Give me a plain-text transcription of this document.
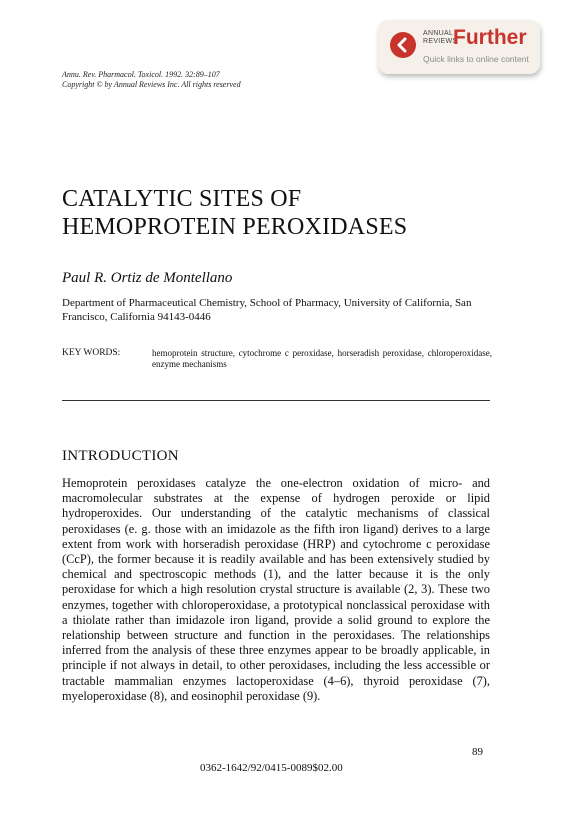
ANNUAL
REVIEWS
Further
Quick links to online content
Annu. Rev. Pharmacol. Toxicol. 1992. 32:89–107
Copyright © by Annual Reviews Inc. All rights reserved
CATALYTIC SITES OF
HEMOPROTEIN PEROXIDASES
Paul R. Ortiz de Montellano
Department of Pharmaceutical Chemistry, School of Pharmacy, University of California, San Francisco, California 94143-0446
KEY WORDS:	hemoprotein structure, cytochrome c peroxidase, horseradish peroxidase, chloroperoxidase, enzyme mechanisms
INTRODUCTION
Hemoprotein peroxidases catalyze the one-electron oxidation of micro- and macromolecular substrates at the expense of hydrogen peroxide or lipid hydroperoxides. Our understanding of the catalytic mechanisms of classical peroxidases (e. g. those with an imidazole as the fifth iron ligand) derives to a large extent from work with horseradish peroxidase (HRP) and cytochrome c peroxidase (CcP), the former because it is readily available and has been extensively studied by chemical and spectroscopic methods (1), and the latter because it is the only peroxidase for which a high resolution crystal structure is available (2, 3). These two enzymes, together with chloroperoxidase, a prototypical nonclassical peroxidase with a thiolate rather than imidazole iron ligand, provide a solid ground to explore the relationship between structure and function in the peroxidases. The relationships inferred from the analysis of these three enzymes appear to be broadly applicable, in principle if not always in detail, to other peroxidases, including the less accessible or tractable mammalian enzymes lactoperoxidase (4–6), thyroid peroxidase (7), myeloperoxidase (8), and eosinophil peroxidase (9).
89
0362-1642/92/0415-0089$02.00
